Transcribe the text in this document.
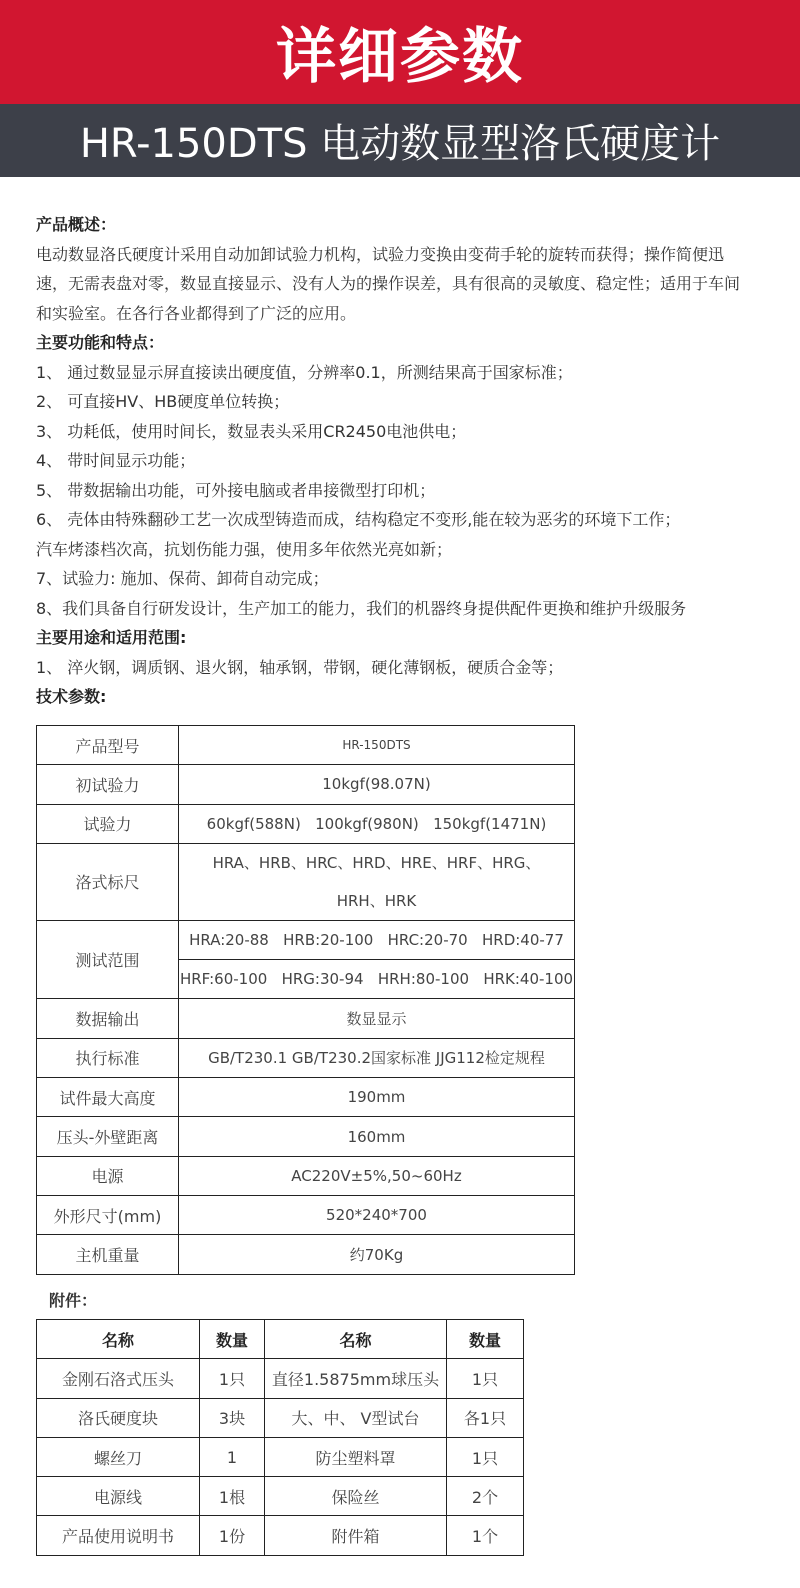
详细参数
HR-150DTS 电动数显型洛氏硬度计

产品概述：

电动数显洛氏硬度计采用自动加卸试验力机构，试验力变换由变荷手轮的旋转而获得；操作简便迅速，无需表盘对零，数显直接显示、没有人为的操作误差，具有很高的灵敏度、稳定性；适用于车间和实验室。在各行各业都得到了广泛的应用。

主要功能和特点：

1、 通过数显显示屏直接读出硬度值，分辨率0.1，所测结果高于国家标准；

2、 可直接HV、HB硬度单位转换；

3、 功耗低，使用时间长，数显表头采用CR2450电池供电；

4、 带时间显示功能；

5、 带数据输出功能，可外接电脑或者串接微型打印机；

6、 壳体由特殊翻砂工艺一次成型铸造而成，结构稳定不变形,能在较为恶劣的环境下工作；

汽车烤漆档次高，抗划伤能力强，使用多年依然光亮如新；

7、试验力: 施加、保荷、卸荷自动完成；

8、我们具备自行研发设计，生产加工的能力，我们的机器终身提供配件更换和维护升级服务

主要用途和适用范围:

1、 淬火钢，调质钢、退火钢，轴承钢，带钢，硬化薄钢板，硬质合金等；

技术参数:

产品型号	HR-150DTS
初试验力	10kgf(98.07N)
试验力	60kgf(588N)   100kgf(980N)   150kgf(1471N)
洛式标尺	HRA、HRB、HRC、HRD、HRE、HRF、HRG、HRH、HRK
测试范围	HRA:20-88   HRB:20-100   HRC:20-70   HRD:40-77
	HRF:60-100   HRG:30-94   HRH:80-100   HRK:40-100
数据输出	数显显示
执行标准	GB/T230.1 GB/T230.2国家标准 JJG112检定规程
试件最大高度	190mm
压头-外壁距离	160mm
电源	AC220V±5%,50~60Hz
外形尺寸(mm)	520*240*700
主机重量	约70Kg
附件：
名称	数量	名称	数量
金刚石洛式压头	1只	直径1.5875mm球压头	1只
洛氏硬度块	3块	大、中、 V型试台	各1只
螺丝刀	1	防尘塑料罩	1只
电源线	1根	保险丝	2个
产品使用说明书	1份	附件箱	1个
